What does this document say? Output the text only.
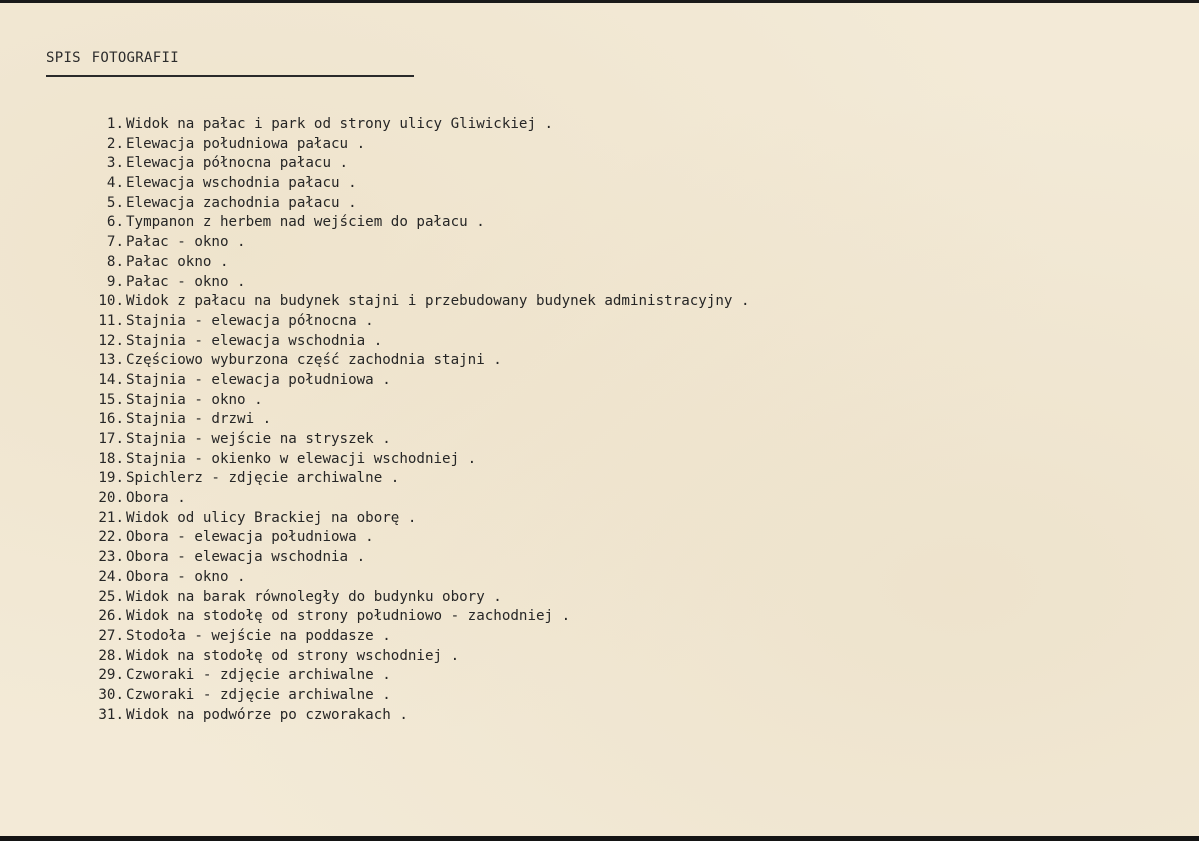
SPIS FOTOGRAFII
1. Widok na pałac i park od strony ulicy Gliwickiej .
2. Elewacja południowa pałacu .
3. Elewacja północna pałacu .
4. Elewacja wschodnia pałacu .
5. Elewacja zachodnia pałacu .
6. Tympanon z herbem nad wejściem do pałacu .
7. Pałac - okno .
8. Pałac okno .
9. Pałac - okno .
10. Widok z pałacu na budynek stajni i przebudowany budynek administracyjny .
11. Stajnia - elewacja północna .
12. Stajnia - elewacja wschodnia .
13. Częściowo wyburzona część zachodnia stajni .
14. Stajnia - elewacja południowa .
15. Stajnia - okno .
16. Stajnia - drzwi .
17. Stajnia - wejście na stryszek .
18. Stajnia - okienko w elewacji wschodniej .
19. Spichlerz - zdjęcie archiwalne .
20. Obora .
21. Widok od ulicy Brackiej na oborę .
22. Obora - elewacja południowa .
23. Obora - elewacja wschodnia .
24. Obora - okno .
25. Widok na barak równoległy do budynku obory .
26. Widok na stodołę od strony południowo - zachodniej .
27. Stodoła - wejście na poddasze .
28. Widok na stodołę od strony wschodniej .
29. Czworaki - zdjęcie archiwalne .
30. Czworaki - zdjęcie archiwalne .
31. Widok na podwórze po czworakach .
